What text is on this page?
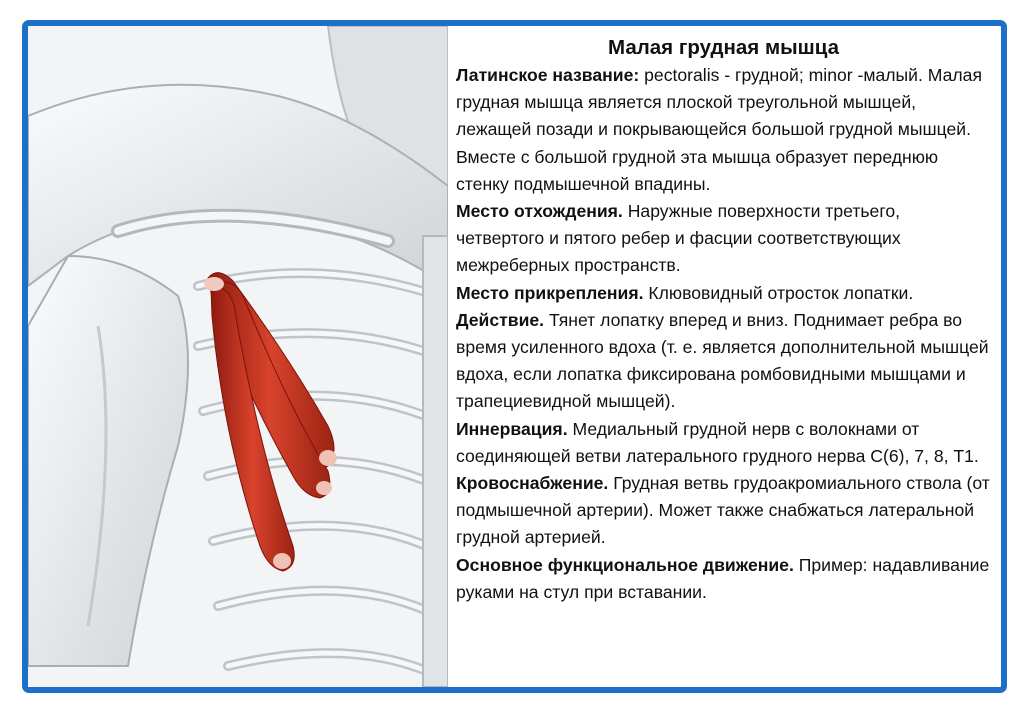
Малая грудная мышца

Латинское название: pectoralis - грудной; minor -малый. Малая грудная мышца является плоской треугольной мышцей, лежащей позади и покрывающейся большой грудной мышцей. Вместе с большой грудной эта мышца образует переднюю стенку подмышечной впадины.

Место отхождения. Наружные поверхности третьего, четвертого и пятого ребер и фасции соответствующих межреберных пространств.

Место прикрепления. Клювовидный отросток лопатки.

Действие. Тянет лопатку вперед и вниз. Поднимает ребра во время усиленного вдоха (т. е. является дополнительной мышцей вдоха, если лопатка фиксирована ромбовидными мышцами и трапециевидной мышцей).

Иннервация. Медиальный грудной нерв с волокнами от соединяющей ветви латерального грудного нерва С(6), 7, 8, Т1.

Кровоснабжение. Грудная ветвь грудоакромиального ствола (от подмышечной артерии). Может также снабжаться латеральной грудной артерией.

Основное функциональное движение. Пример: надавливание руками на стул при вставании.
